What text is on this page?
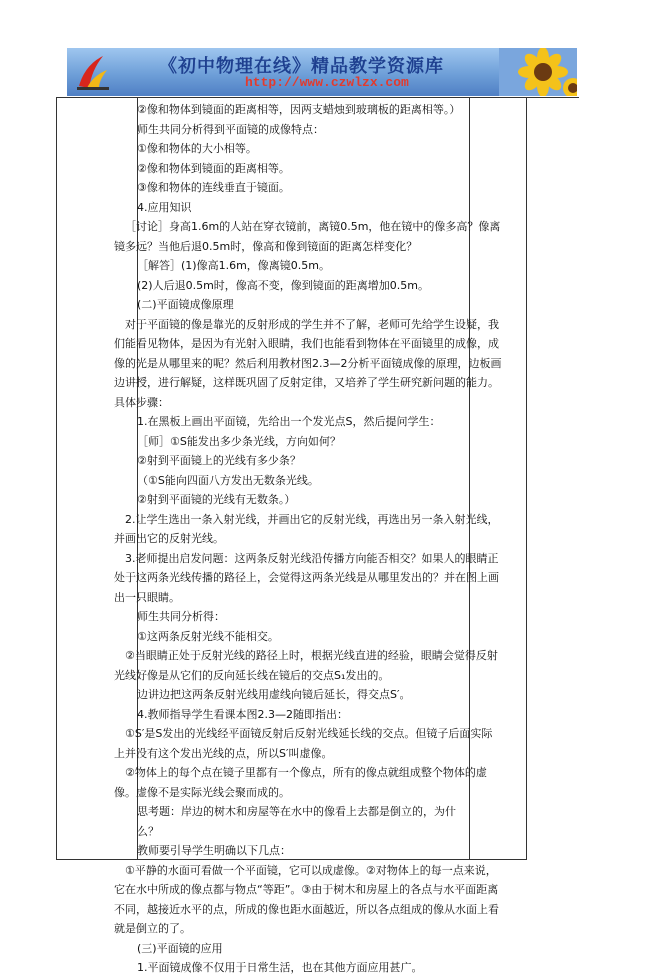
《初中物理在线》精品教学资源库
http://www.czwlzx.com

②像和物体到镜面的距离相等，因两支蜡烛到玻璃板的距离相等。）

师生共同分析得到平面镜的成像特点：

①像和物体的大小相等。

②像和物体到镜面的距离相等。

③像和物体的连线垂直于镜面。

4.应用知识

［讨论］身高1.6m的人站在穿衣镜前，离镜0.5m，他在镜中的像多高？像离镜多远？当他后退0.5m时，像高和像到镜面的距离怎样变化？

［解答］(1)像高1.6m，像离镜0.5m。

(2)人后退0.5m时，像高不变，像到镜面的距离增加0.5m。

(二)平面镜成像原理

对于平面镜的像是靠光的反射形成的学生并不了解，老师可先给学生设疑，我们能看见物体，是因为有光射入眼睛，我们也能看到物体在平面镜里的成像，成像的光是从哪里来的呢？然后利用教材图2.3—2分析平面镜成像的原理，边板画边讲授，进行解疑，这样既巩固了反射定律，又培养了学生研究新问题的能力。具体步骤：

1.在黑板上画出平面镜，先给出一个发光点S，然后提问学生：

［师］①S能发出多少条光线，方向如何？

②射到平面镜上的光线有多少条？

（①S能向四面八方发出无数条光线。

②射到平面镜的光线有无数条。）

2.让学生选出一条入射光线，并画出它的反射光线，再选出另一条入射光线，并画出它的反射光线。

3.老师提出启发问题：这两条反射光线沿传播方向能否相交？如果人的眼睛正处于这两条光线传播的路径上，会觉得这两条光线是从哪里发出的？并在图上画出一只眼睛。

师生共同分析得：

①这两条反射光线不能相交。

②当眼睛正处于反射光线的路径上时，根据光线直进的经验，眼睛会觉得反射光线好像是从它们的反向延长线在镜后的交点S₁发出的。

边讲边把这两条反射光线用虚线向镜后延长，得交点S′。

4.教师指导学生看课本图2.3—2随即指出：

①S′是S发出的光线经平面镜反射后反射光线延长线的交点。但镜子后面实际上并没有这个发出光线的点，所以S′叫虚像。

②物体上的每个点在镜子里都有一个像点，所有的像点就组成整个物体的虚像。虚像不是实际光线会聚而成的。

思考题：岸边的树木和房屋等在水中的像看上去都是倒立的，为什么？

教师要引导学生明确以下几点：

①平静的水面可看做一个平面镜，它可以成虚像。②对物体上的每一点来说，它在水中所成的像点都与物点“等距”。③由于树木和房屋上的各点与水平面距离不同，越接近水平的点，所成的像也距水面越近，所以各点组成的像从水面上看就是倒立的了。

(三)平面镜的应用

1.平面镜成像不仅用于日常生活，也在其他方面应用甚广。
